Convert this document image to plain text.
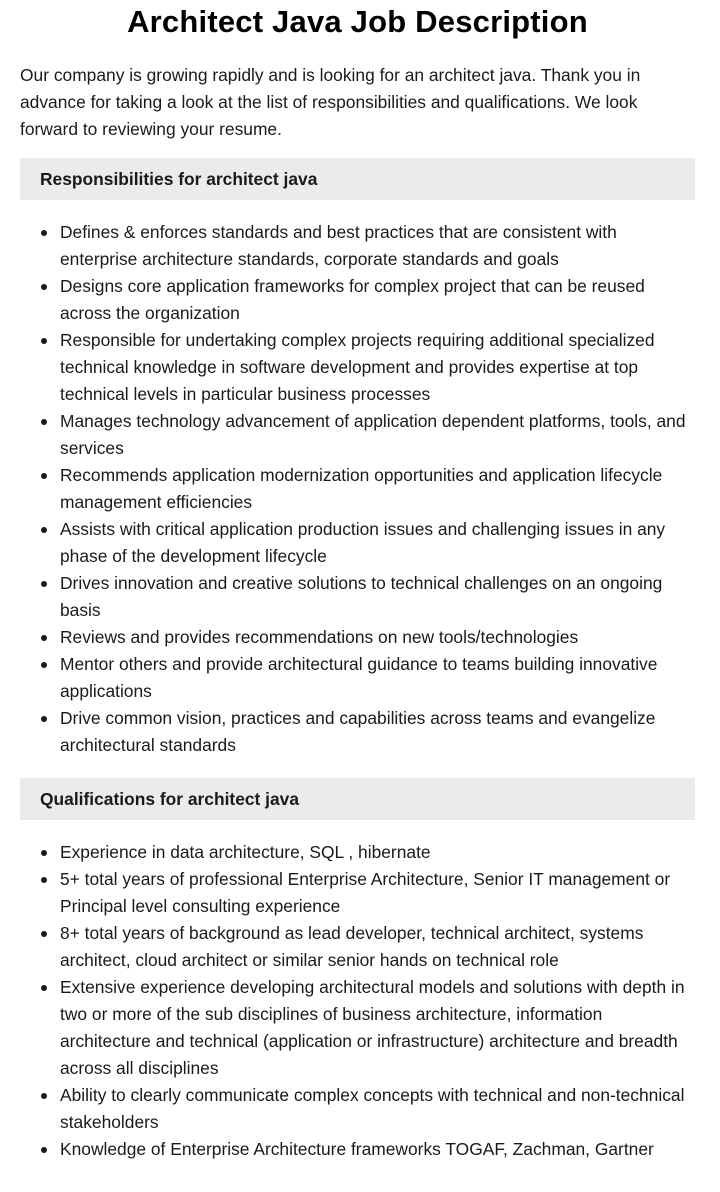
Architect Java Job Description

Our company is growing rapidly and is looking for an architect java. Thank you in advance for taking a look at the list of responsibilities and qualifications. We look forward to reviewing your resume.

Responsibilities for architect java
Defines & enforces standards and best practices that are consistent with enterprise architecture standards, corporate standards and goals
Designs core application frameworks for complex project that can be reused across the organization
Responsible for undertaking complex projects requiring additional specialized technical knowledge in software development and provides expertise at top technical levels in particular business processes
Manages technology advancement of application dependent platforms, tools, and services
Recommends application modernization opportunities and application lifecycle management efficiencies
Assists with critical application production issues and challenging issues in any phase of the development lifecycle
Drives innovation and creative solutions to technical challenges on an ongoing basis
Reviews and provides recommendations on new tools/technologies
Mentor others and provide architectural guidance to teams building innovative applications
Drive common vision, practices and capabilities across teams and evangelize architectural standards
Qualifications for architect java
Experience in data architecture, SQL , hibernate
5+ total years of professional Enterprise Architecture, Senior IT management or Principal level consulting experience
8+ total years of background as lead developer, technical architect, systems architect, cloud architect or similar senior hands on technical role
Extensive experience developing architectural models and solutions with depth in two or more of the sub disciplines of business architecture, information architecture and technical (application or infrastructure) architecture and breadth across all disciplines
Ability to clearly communicate complex concepts with technical and non-technical stakeholders
Knowledge of Enterprise Architecture frameworks TOGAF, Zachman, Gartner
